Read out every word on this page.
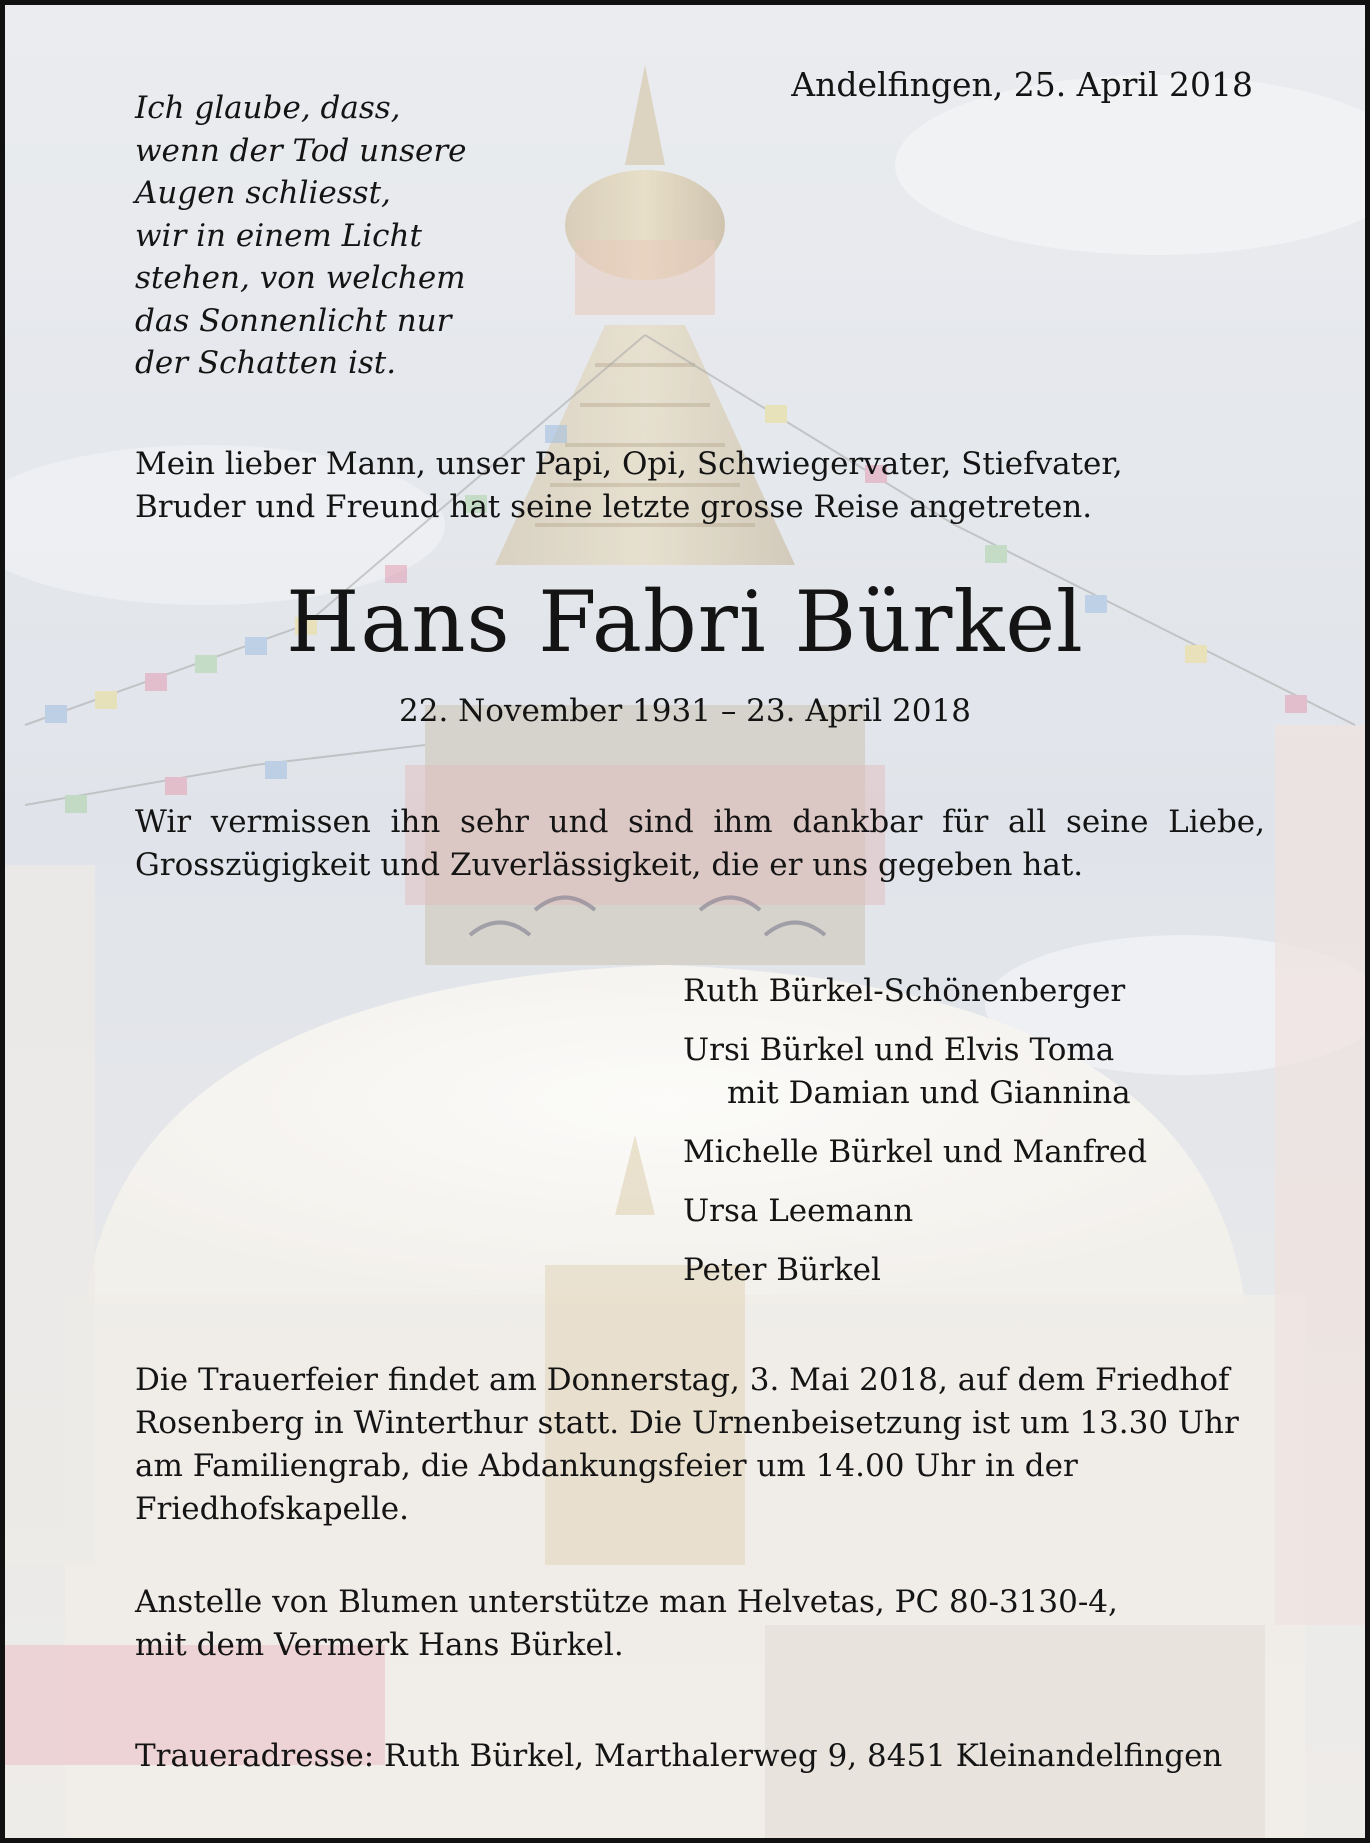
Andelfingen, 25. April 2018
Ich glaube, dass,
wenn der Tod unsere
Augen schliesst,
wir in einem Licht
stehen, von welchem
das Sonnenlicht nur
der Schatten ist.
Mein lieber Mann, unser Papi, Opi, Schwiegervater, Stiefvater,
Bruder und Freund hat seine letzte grosse Reise angetreten.
Hans Fabri Bürkel
22. November 1931 – 23. April 2018
Wir vermissen ihn sehr und sind ihm dankbar für all seine Liebe,
Grosszügigkeit und Zuverlässigkeit, die er uns gegeben hat.
Ruth Bürkel-Schönenberger
Ursi Bürkel und Elvis Toma
mit Damian und Giannina
Michelle Bürkel und Manfred
Ursa Leemann
Peter Bürkel
Die Trauerfeier findet am Donnerstag, 3. Mai 2018, auf dem Friedhof
Rosenberg in Winterthur statt. Die Urnenbeisetzung ist um 13.30 Uhr
am Familiengrab, die Abdankungsfeier um 14.00 Uhr in der
Friedhofskapelle.
Anstelle von Blumen unterstütze man Helvetas, PC 80-3130-4,
mit dem Vermerk Hans Bürkel.
Traueradresse: Ruth Bürkel, Marthalerweg 9, 8451 Kleinandelfingen
